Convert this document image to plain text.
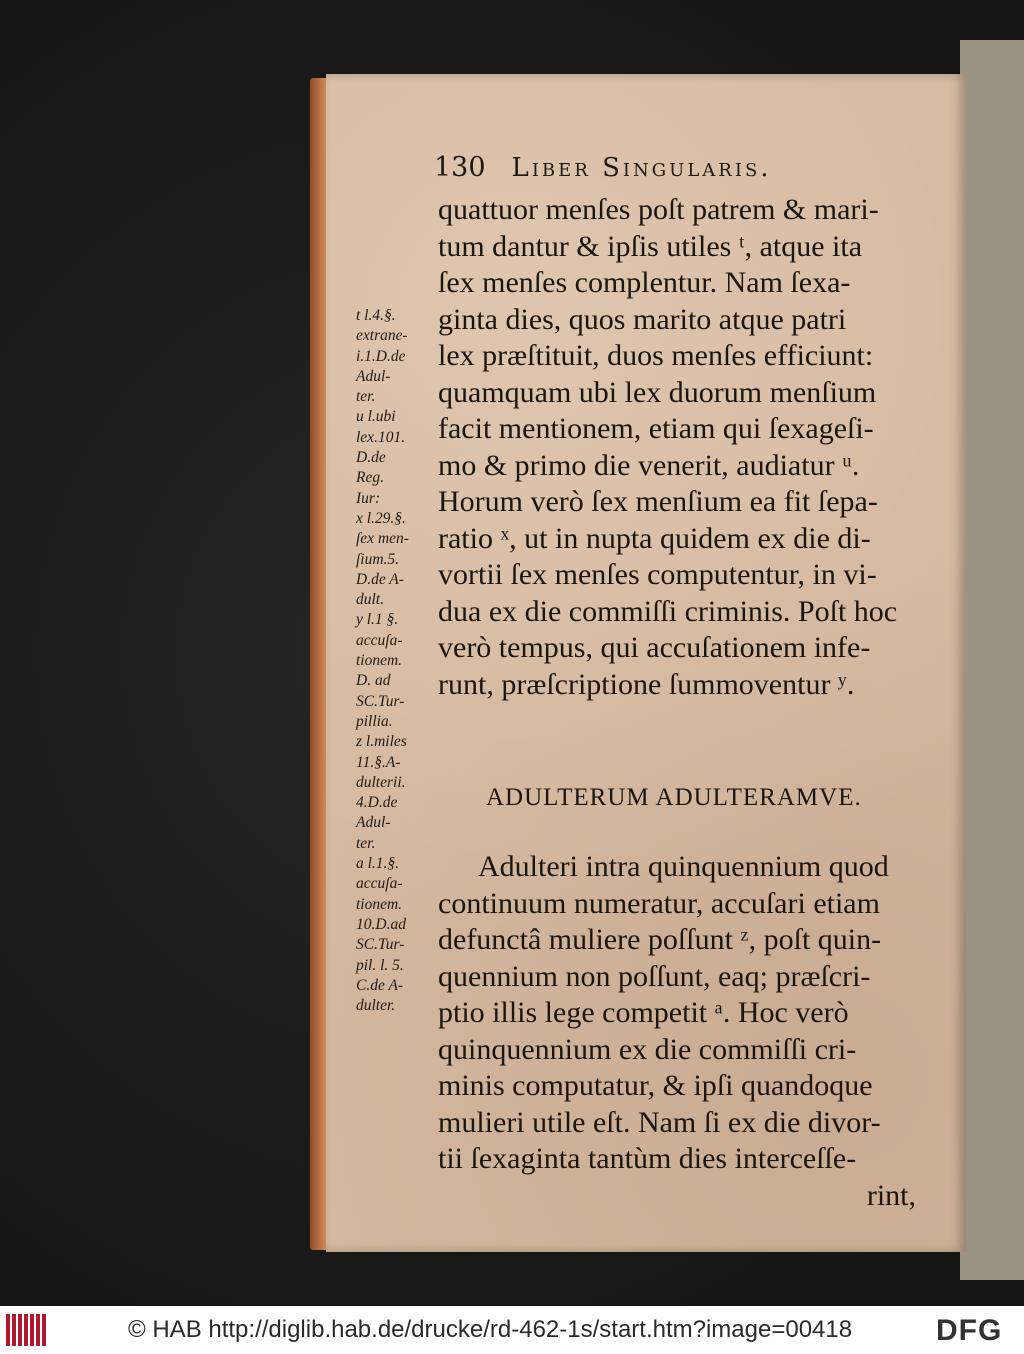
130 Liber Singularis.
quattuor menſes poſt patrem & mari-
tum dantur & ipſis utiles ᵗ, atque ita
ſex menſes complentur. Nam ſexa-
ginta dies, quos marito atque patri
lex præſtituit, duos menſes efficiunt:
quamquam ubi lex duorum menſium
facit mentionem, etiam qui ſexageſi-
mo & primo die venerit, audiatur ᵘ.
Horum verò ſex menſium ea fit ſepa-
ratio ˣ, ut in nupta quidem ex die di-
vortii ſex menſes computentur, in vi-
dua ex die commiſſi criminis. Poſt hoc
verò tempus, qui accuſationem infe-
runt, præſcriptione ſummoventur ʸ.
ADULTERUM ADULTERAMVE.
Adulteri intra quinquennium quod
continuum numeratur, accuſari etiam
defunctâ muliere poſſunt ᶻ, poſt quin-
quennium non poſſunt, eaq; præſcri-
ptio illis lege competit ᵃ. Hoc verò
quinquennium ex die commiſſi cri-
minis computatur, & ipſi quandoque
mulieri utile eſt. Nam ſi ex die divor-
tii ſexaginta tantùm dies interceſſe-
rint,
t l.4.§.
extrane-
i.1.D.de
Adul-
ter.
u l.ubi
lex.101.
D.de
Reg.
Iur:
x l.29.§.
ſex men-
ſium.5.
D.de A-
dult.
y l.1 §.
accuſa-
tionem.
D. ad
SC.Tur-
pillia.
z l.miles
11.§.A-
dulterii.
4.D.de
Adul-
ter.
a l.1.§.
accuſa-
tionem.
10.D.ad
SC.Tur-
pil. l. 5.
C.de A-
dulter.
© HAB http://diglib.hab.de/drucke/rd-462-1s/start.htm?image=00418	DFG
